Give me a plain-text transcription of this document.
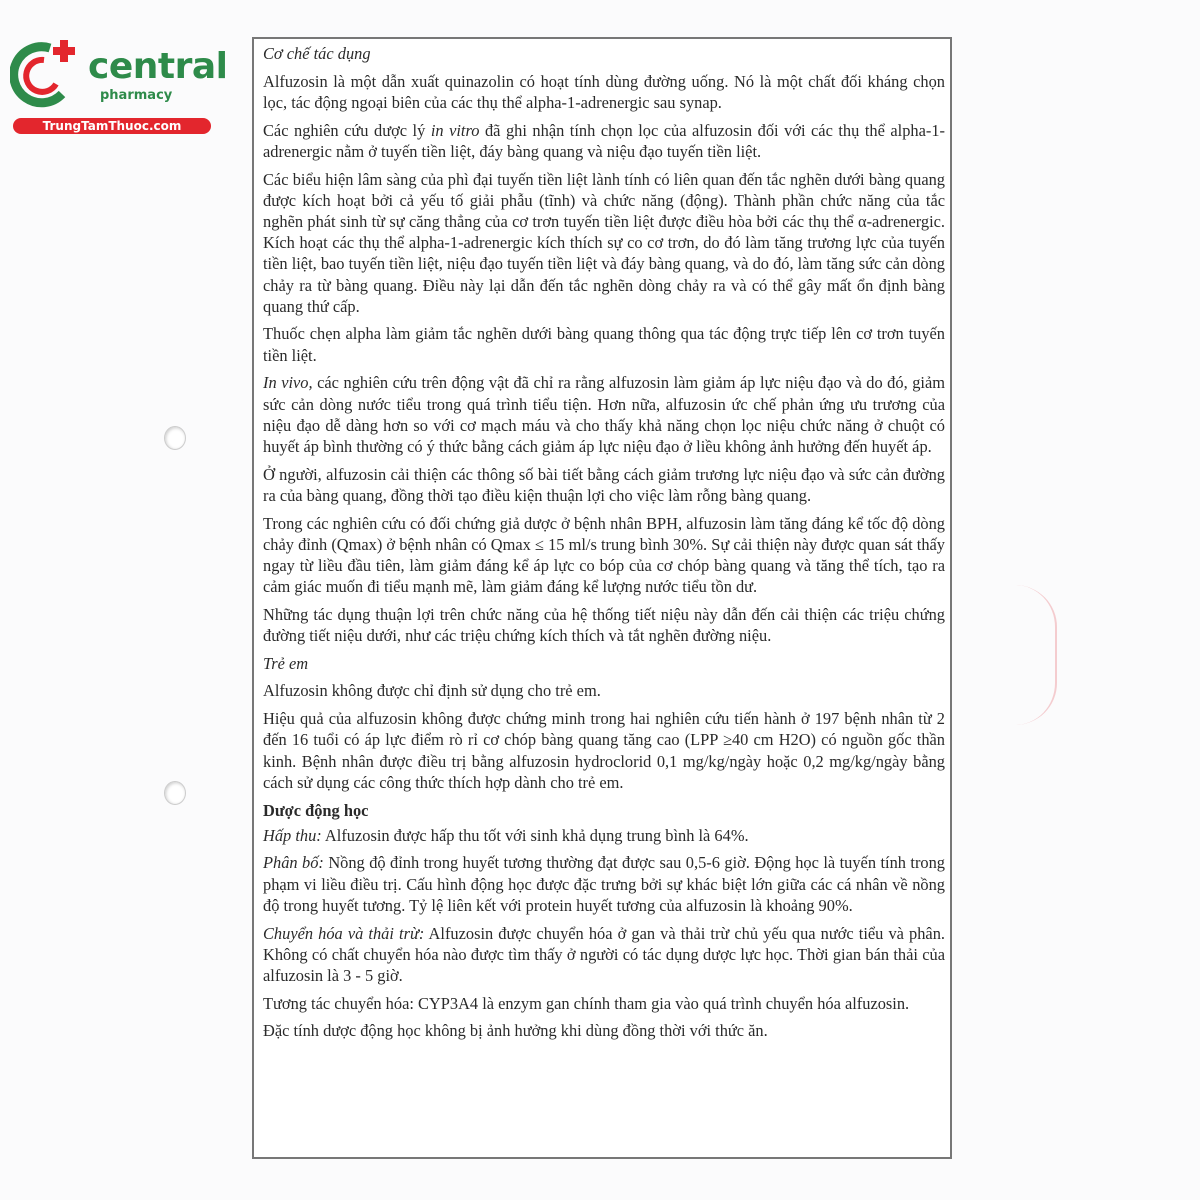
central
pharmacy
TrungTamThuoc.com

Cơ chế tác dụng

Alfuzosin là một dẫn xuất quinazolin có hoạt tính dùng đường uống. Nó là một chất đối kháng chọn lọc, tác động ngoại biên của các thụ thể alpha-1-adrenergic sau synap.

Các nghiên cứu dược lý in vitro đã ghi nhận tính chọn lọc của alfuzosin đối với các thụ thể alpha-1-adrenergic nằm ở tuyến tiền liệt, đáy bàng quang và niệu đạo tuyến tiền liệt.

Các biểu hiện lâm sàng của phì đại tuyến tiền liệt lành tính có liên quan đến tắc nghẽn dưới bàng quang được kích hoạt bởi cả yếu tố giải phẫu (tĩnh) và chức năng (động). Thành phần chức năng của tắc nghẽn phát sinh từ sự căng thẳng của cơ trơn tuyến tiền liệt được điều hòa bởi các thụ thể α-adrenergic. Kích hoạt các thụ thể alpha-1-adrenergic kích thích sự co cơ trơn, do đó làm tăng trương lực của tuyến tiền liệt, bao tuyến tiền liệt, niệu đạo tuyến tiền liệt và đáy bàng quang, và do đó, làm tăng sức cản dòng chảy ra từ bàng quang. Điều này lại dẫn đến tắc nghẽn dòng chảy ra và có thể gây mất ổn định bàng quang thứ cấp.

Thuốc chẹn alpha làm giảm tắc nghẽn dưới bàng quang thông qua tác động trực tiếp lên cơ trơn tuyến tiền liệt.

In vivo, các nghiên cứu trên động vật đã chỉ ra rằng alfuzosin làm giảm áp lực niệu đạo và do đó, giảm sức cản dòng nước tiểu trong quá trình tiểu tiện. Hơn nữa, alfuzosin ức chế phản ứng ưu trương của niệu đạo dễ dàng hơn so với cơ mạch máu và cho thấy khả năng chọn lọc niệu chức năng ở chuột có huyết áp bình thường có ý thức bằng cách giảm áp lực niệu đạo ở liều không ảnh hưởng đến huyết áp.

Ở người, alfuzosin cải thiện các thông số bài tiết bằng cách giảm trương lực niệu đạo và sức cản đường ra của bàng quang, đồng thời tạo điều kiện thuận lợi cho việc làm rỗng bàng quang.

Trong các nghiên cứu có đối chứng giả dược ở bệnh nhân BPH, alfuzosin làm tăng đáng kể tốc độ dòng chảy đỉnh (Qmax) ở bệnh nhân có Qmax ≤ 15 ml/s trung bình 30%. Sự cải thiện này được quan sát thấy ngay từ liều đầu tiên, làm giảm đáng kể áp lực co bóp của cơ chóp bàng quang và tăng thể tích, tạo ra cảm giác muốn đi tiểu mạnh mẽ, làm giảm đáng kể lượng nước tiểu tồn dư.

Những tác dụng thuận lợi trên chức năng của hệ thống tiết niệu này dẫn đến cải thiện các triệu chứng đường tiết niệu dưới, như các triệu chứng kích thích và tắt nghẽn đường niệu.

Trẻ em

Alfuzosin không được chỉ định sử dụng cho trẻ em.

Hiệu quả của alfuzosin không được chứng minh trong hai nghiên cứu tiến hành ở 197 bệnh nhân từ 2 đến 16 tuổi có áp lực điểm rò rỉ cơ chóp bàng quang tăng cao (LPP ≥40 cm H2O) có nguồn gốc thần kinh. Bệnh nhân được điều trị bằng alfuzosin hydroclorid 0,1 mg/kg/ngày hoặc 0,2 mg/kg/ngày bằng cách sử dụng các công thức thích hợp dành cho trẻ em.

Dược động học

Hấp thu: Alfuzosin được hấp thu tốt với sinh khả dụng trung bình là 64%.

Phân bố: Nồng độ đỉnh trong huyết tương thường đạt được sau 0,5-6 giờ. Động học là tuyến tính trong phạm vi liều điều trị. Cấu hình động học được đặc trưng bởi sự khác biệt lớn giữa các cá nhân về nồng độ trong huyết tương. Tỷ lệ liên kết với protein huyết tương của alfuzosin là khoảng 90%.

Chuyển hóa và thải trừ: Alfuzosin được chuyển hóa ở gan và thải trừ chủ yếu qua nước tiểu và phân. Không có chất chuyển hóa nào được tìm thấy ở người có tác dụng dược lực học. Thời gian bán thải của alfuzosin là 3 - 5 giờ.

Tương tác chuyển hóa: CYP3A4 là enzym gan chính tham gia vào quá trình chuyển hóa alfuzosin.

Đặc tính dược động học không bị ảnh hưởng khi dùng đồng thời với thức ăn.
